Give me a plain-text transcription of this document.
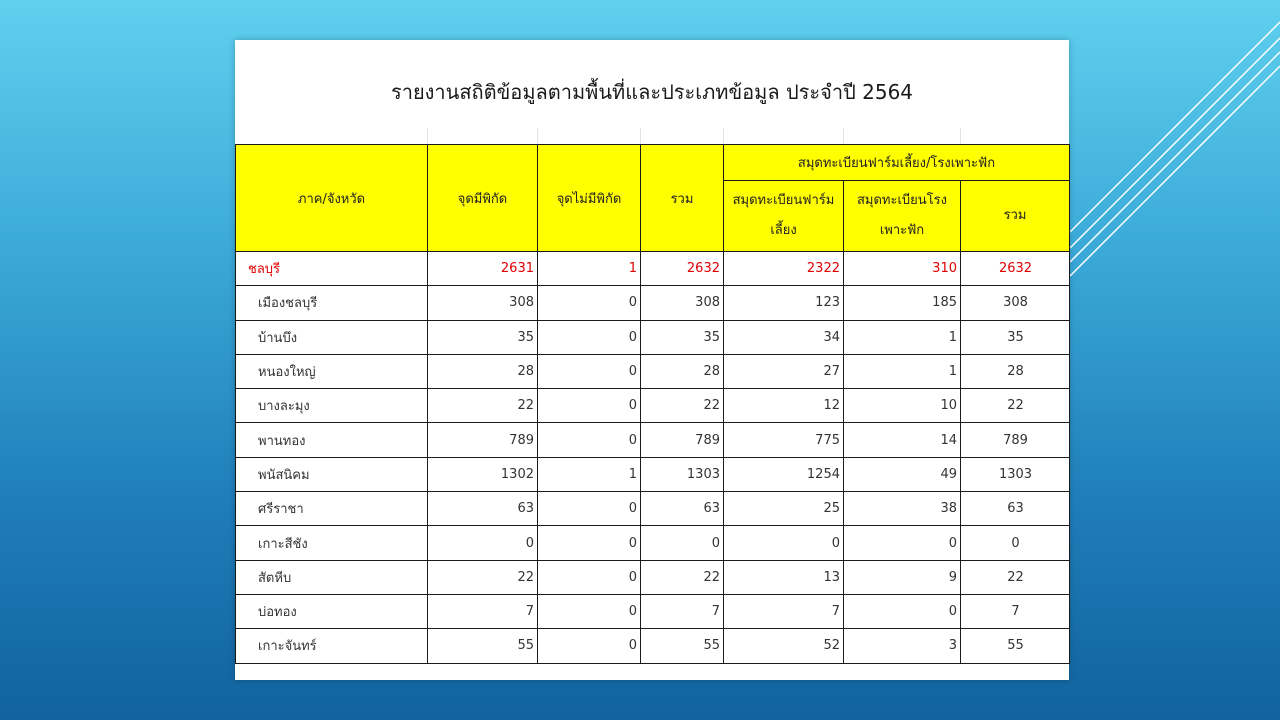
รายงานสถิติข้อมูลตามพื้นที่และประเภทข้อมูล ประจำปี 2564
ภาค/จังหวัด	จุดมีพิกัด	จุดไม่มีพิกัด	รวม	สมุดทะเบียนฟาร์มเลี้ยง/โรงเพาะฟัก		
				สมุดทะเบียนฟาร์มเลี้ยง	สมุดทะเบียนโรงเพาะฟัก	รวม
ชลบุรี	2631	1	2632	2322	310	2632
เมืองชลบุรี	308	0	308	123	185	308
บ้านบึง	35	0	35	34	1	35
หนองใหญ่	28	0	28	27	1	28
บางละมุง	22	0	22	12	10	22
พานทอง	789	0	789	775	14	789
พนัสนิคม	1302	1	1303	1254	49	1303
ศรีราชา	63	0	63	25	38	63
เกาะสีชัง	0	0	0	0	0	0
สัตหีบ	22	0	22	13	9	22
บ่อทอง	7	0	7	7	0	7
เกาะจันทร์	55	0	55	52	3	55
